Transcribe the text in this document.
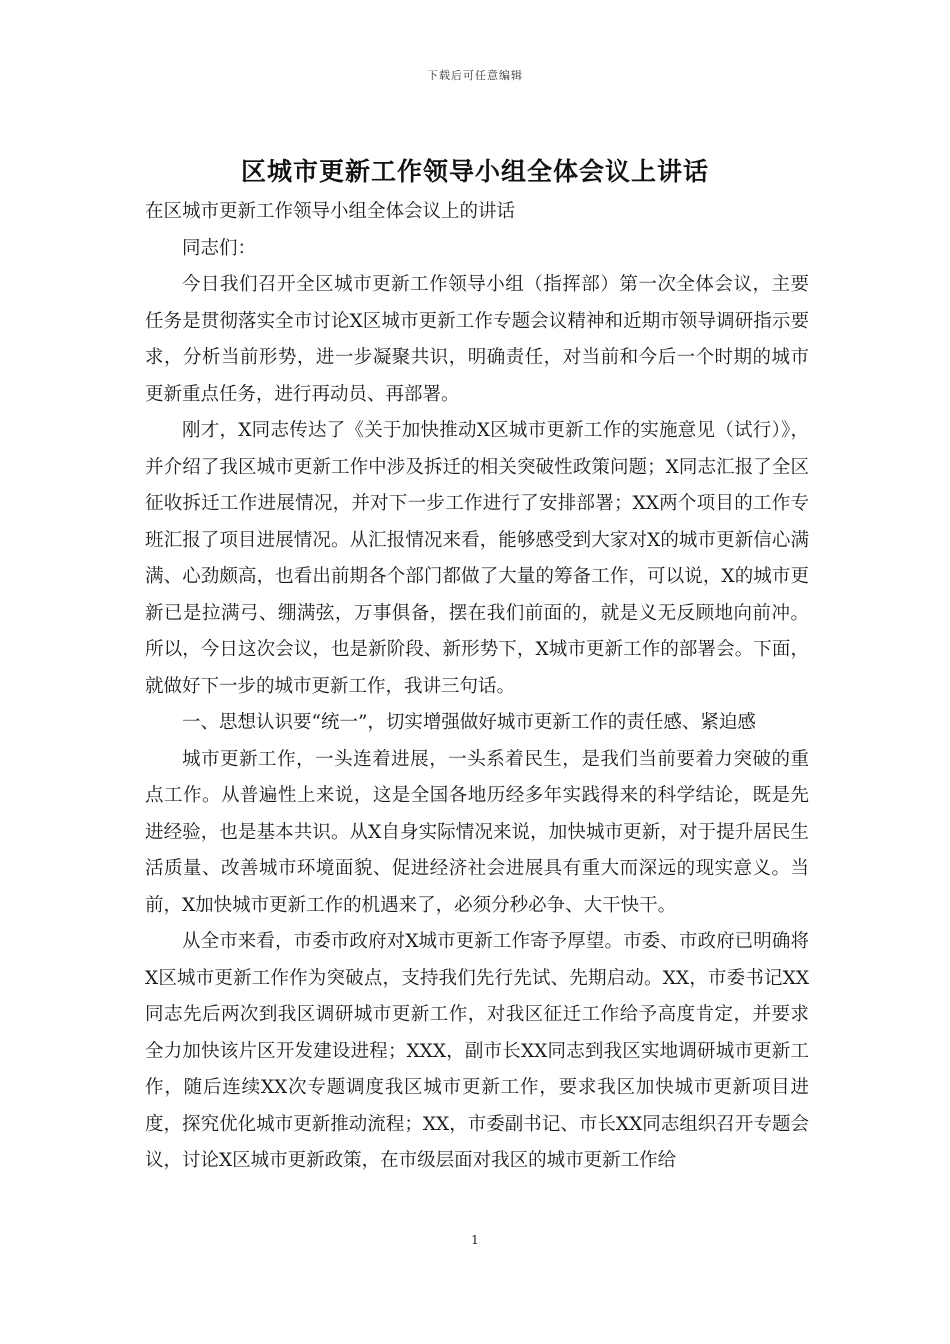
下载后可任意编辑
区城市更新工作领导小组全体会议上讲话

在区城市更新工作领导小组全体会议上的讲话

同志们：

今日我们召开全区城市更新工作领导小组（指挥部）第一次全体会议，主要任务是贯彻落实全市讨论X区城市更新工作专题会议精神和近期市领导调研指示要求，分析当前形势，进一步凝聚共识，明确责任，对当前和今后一个时期的城市更新重点任务，进行再动员、再部署。

刚才，X同志传达了《关于加快推动X区城市更新工作的实施意见（试行）》，并介绍了我区城市更新工作中涉及拆迁的相关突破性政策问题；X同志汇报了全区征收拆迁工作进展情况，并对下一步工作进行了安排部署；XX两个项目的工作专班汇报了项目进展情况。从汇报情况来看，能够感受到大家对X的城市更新信心满满、心劲颇高，也看出前期各个部门都做了大量的筹备工作，可以说，X的城市更新已是拉满弓、绷满弦，万事俱备，摆在我们前面的，就是义无反顾地向前冲。所以，今日这次会议，也是新阶段、新形势下，X城市更新工作的部署会。下面，就做好下一步的城市更新工作，我讲三句话。

一、思想认识要“统一”，切实增强做好城市更新工作的责任感、紧迫感

城市更新工作，一头连着进展，一头系着民生，是我们当前要着力突破的重点工作。从普遍性上来说，这是全国各地历经多年实践得来的科学结论，既是先进经验，也是基本共识。从X自身实际情况来说，加快城市更新，对于提升居民生活质量、改善城市环境面貌、促进经济社会进展具有重大而深远的现实意义。当前，X加快城市更新工作的机遇来了，必须分秒必争、大干快干。

从全市来看，市委市政府对X城市更新工作寄予厚望。市委、市政府已明确将X区城市更新工作作为突破点，支持我们先行先试、先期启动。XX，市委书记XX同志先后两次到我区调研城市更新工作，对我区征迁工作给予高度肯定，并要求全力加快该片区开发建设进程；XXX，副市长XX同志到我区实地调研城市更新工作，随后连续XX次专题调度我区城市更新工作，要求我区加快城市更新项目进度，探究优化城市更新推动流程；XX，市委副书记、市长XX同志组织召开专题会议，讨论X区城市更新政策，在市级层面对我区的城市更新工作给

1
